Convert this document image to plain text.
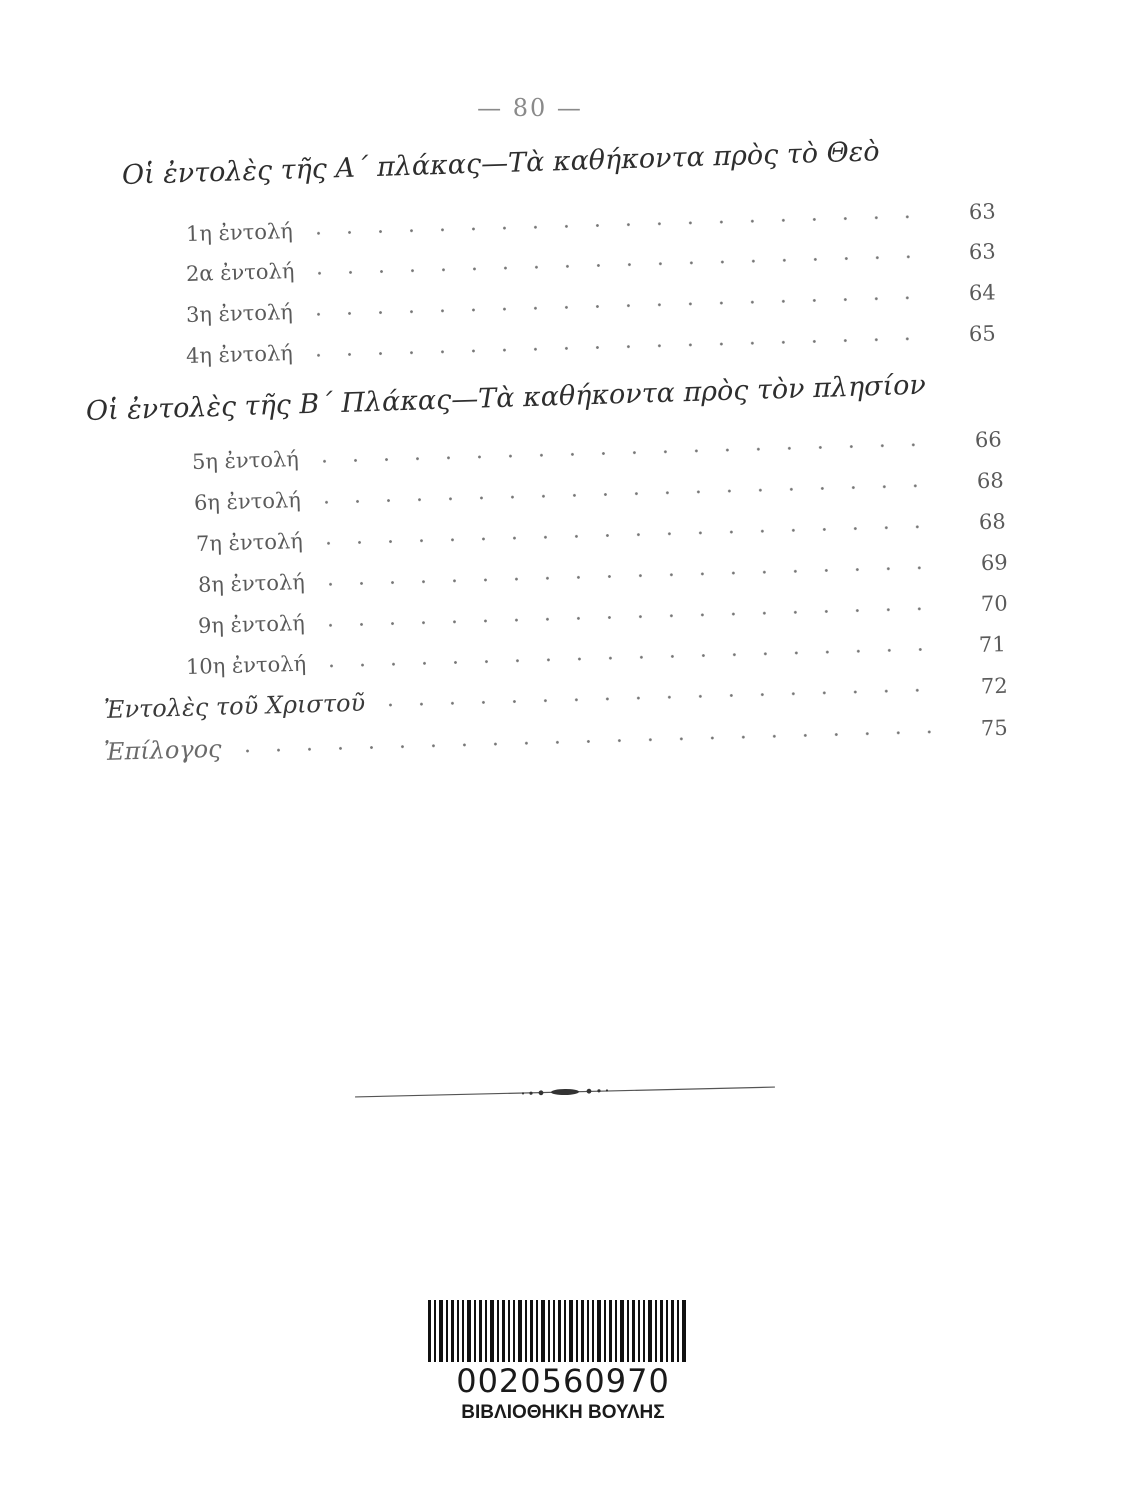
— 80 —
Οἱ ἐντολὲς τῆς Α΄ πλάκας—Τὰ καθήκοντα πρὸς τὸ Θεὸ
1η ἐντολή
63
2α ἐντολή
63
3η ἐντολή
64
4η ἐντολή
65
Οἱ ἐντολὲς τῆς Β΄ Πλάκας—Τὰ καθήκοντα πρὸς τὸν πλησίον
5η ἐντολή
66
6η ἐντολή
68
7η ἐντολή
68
8η ἐντολή
69
9η ἐντολή
70
10η ἐντολή
71
Ἐντολὲς τοῦ Χριστοῦ
72
Ἐπίλογος
75
0020560970
ΒΙΒΛΙΟΘΗΚΗ ΒΟΥΛΗΣ
